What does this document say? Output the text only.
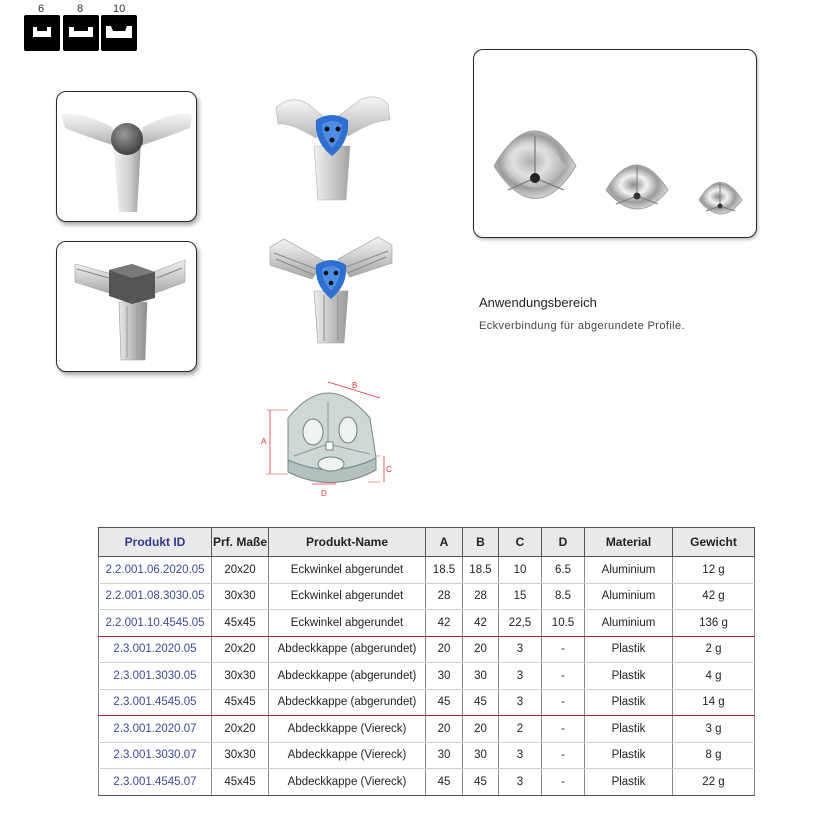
6	8	10
B
A
C
D
Anwendungsbereich
Eckverbindung für abgerundete Profile.
Produkt ID	Prf. Maße	Produkt-Name	A	B	C	D	Material	Gewicht
2.2.001.06.2020.05	20x20	Eckwinkel abgerundet	18.5	18.5	10	6.5	Aluminium	12 g
2.2.001.08.3030.05	30x30	Eckwinkel abgerundet	28	28	15	8.5	Aluminium	42 g
2.2.001.10.4545.05	45x45	Eckwinkel abgerundet	42	42	22,5	10.5	Aluminium	136 g
2.3.001.2020.05	20x20	Abdeckkappe (abgerundet)	20	20	3	-	Plastik	2 g
2.3.001.3030.05	30x30	Abdeckkappe (abgerundet)	30	30	3	-	Plastik	4 g
2.3.001.4545.05	45x45	Abdeckkappe (abgerundet)	45	45	3	-	Plastik	14 g
2.3.001.2020.07	20x20	Abdeckkappe (Viereck)	20	20	2	-	Plastik	3 g
2.3.001.3030.07	30x30	Abdeckkappe (Viereck)	30	30	3	-	Plastik	8 g
2.3.001.4545.07	45x45	Abdeckkappe (Viereck)	45	45	3	-	Plastik	22 g
